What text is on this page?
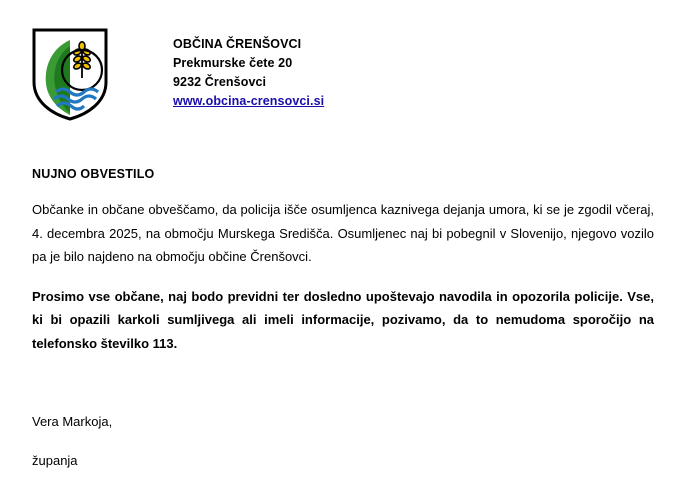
OBČINA ČRENŠOVCI
Prekmurske čete 20
9232 Črenšovci
www.obcina-crensovci.si
NUJNO OBVESTILO

Občanke in občane obveščamo, da policija išče osumljenca kaznivega dejanja umora, ki se je zgodil včeraj, 4. decembra 2025, na območju Murskega Središča. Osumljenec naj bi pobegnil v Slovenijo, njegovo vozilo pa je bilo najdeno na območju občine Črenšovci.

Prosimo vse občane, naj bodo previdni ter dosledno upoštevajo navodila in opozorila policije. Vse, ki bi opazili karkoli sumljivega ali imeli informacije, pozivamo, da to nemudoma sporočijo na telefonsko številko 113.

Vera Markoja,
županja
